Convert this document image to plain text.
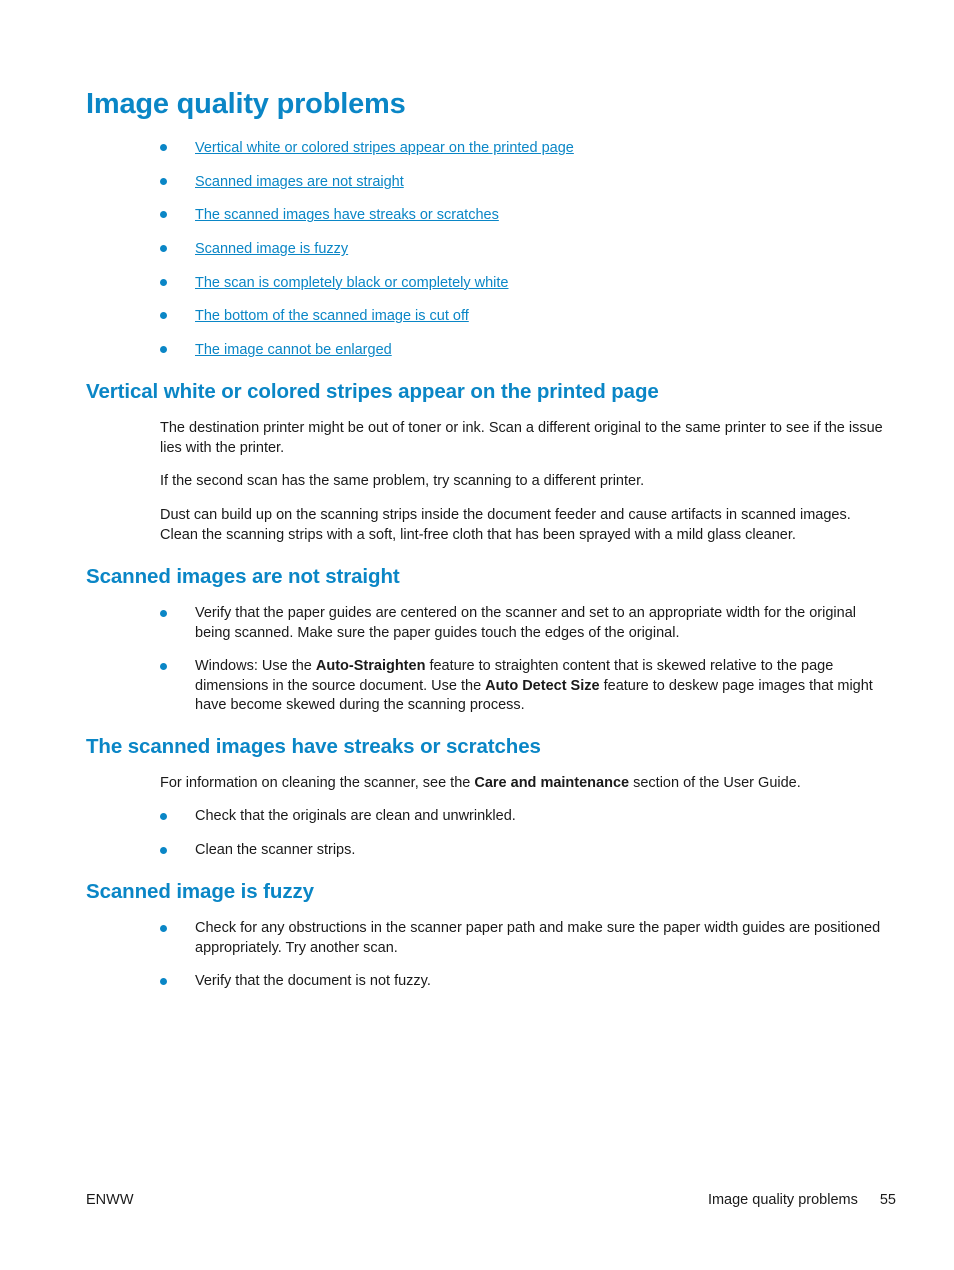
Image quality problems
Vertical white or colored stripes appear on the printed page
Scanned images are not straight
The scanned images have streaks or scratches
Scanned image is fuzzy
The scan is completely black or completely white
The bottom of the scanned image is cut off
The image cannot be enlarged
Vertical white or colored stripes appear on the printed page

The destination printer might be out of toner or ink. Scan a different original to the same printer to see if the issue lies with the printer.

If the second scan has the same problem, try scanning to a different printer.

Dust can build up on the scanning strips inside the document feeder and cause artifacts in scanned images. Clean the scanning strips with a soft, lint-free cloth that has been sprayed with a mild glass cleaner.

Scanned images are not straight
Verify that the paper guides are centered on the scanner and set to an appropriate width for the original being scanned. Make sure the paper guides touch the edges of the original.
Windows: Use the Auto-Straighten feature to straighten content that is skewed relative to the page dimensions in the source document. Use the Auto Detect Size feature to deskew page images that might have become skewed during the scanning process.
The scanned images have streaks or scratches

For information on cleaning the scanner, see the Care and maintenance section of the User Guide.

Check that the originals are clean and unwrinkled.
Clean the scanner strips.
Scanned image is fuzzy
Check for any obstructions in the scanner paper path and make sure the paper width guides are positioned appropriately. Try another scan.
Verify that the document is not fuzzy.
ENWW	Image quality problems 55
